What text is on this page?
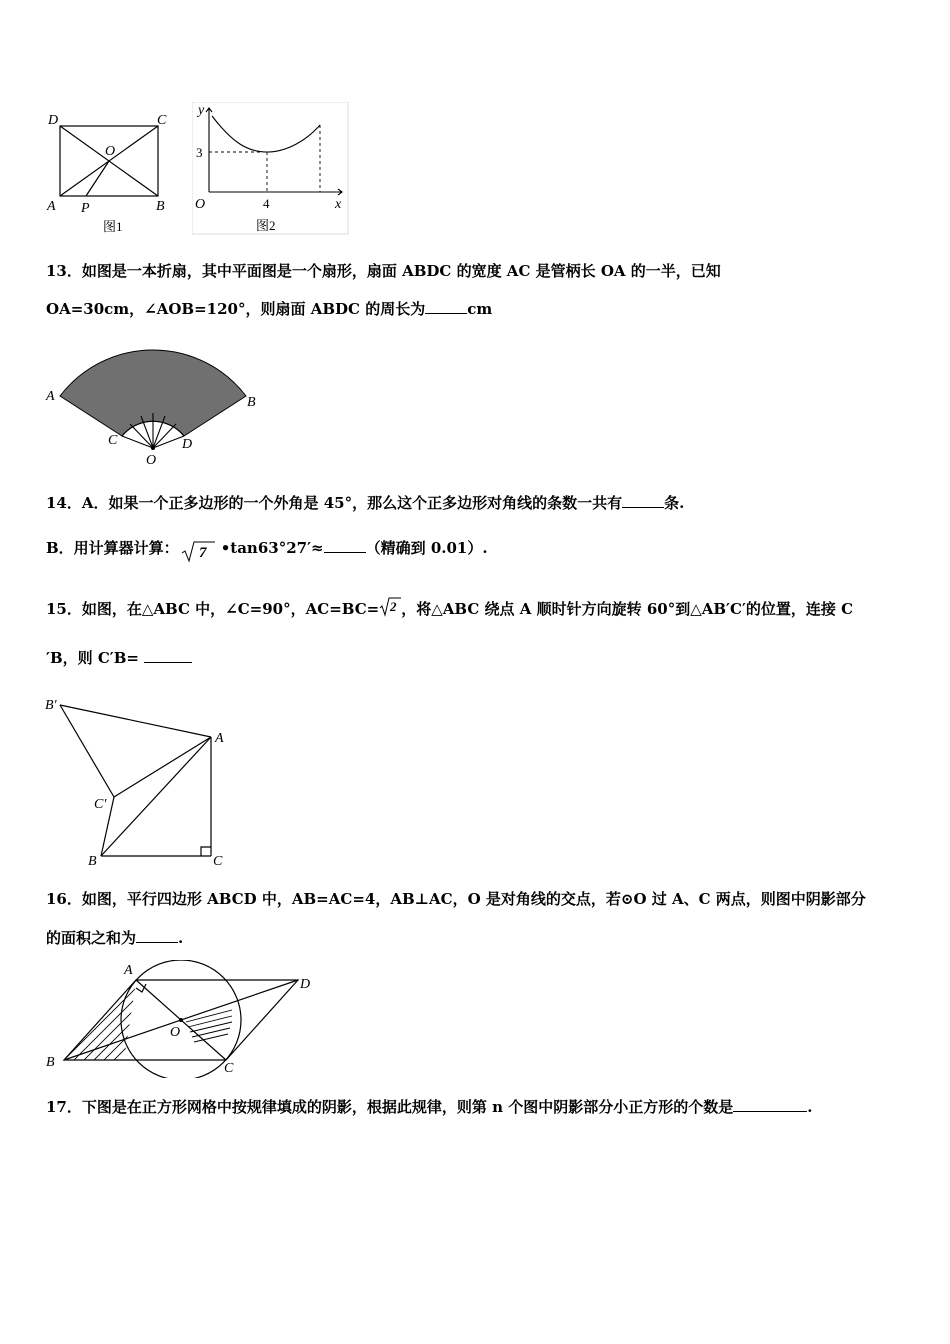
D	C
O
A P	B
图1
y
x
O
3
4
图2
13．如图是一本折扇，其中平面图是一个扇形，扇面 ABDC 的宽度 AC 是管柄长 OA 的一半，已知
OA=30cm，∠AOB=120°，则扇面 ABDC 的周长为	cm
A	B
C	D
O
14．A．如果一个正多边形的一个外角是 45°，那么这个正多边形对角线的条数一共有	条.
B．用计算器计算： 7 •tan63°27′≈	（精确到 0.01）.
15．如图，在△ABC 中，∠C=90°，AC=BC= 2 ，将△ABC 绕点 A 顺时针方向旋转 60°到△AB′C′的位置，连接 C
′B，则 C′B=
B′
A
C′
B	C
16．如图，平行四边形 ABCD 中，AB=AC=4，AB⊥AC，O 是对角线的交点，若⊙O 过 A、C 两点，则图中阴影部分
的面积之和为	.
A
D
O
B	C
17．下图是在正方形网格中按规律填成的阴影，根据此规律，则第 n 个图中阴影部分小正方形的个数是	.
